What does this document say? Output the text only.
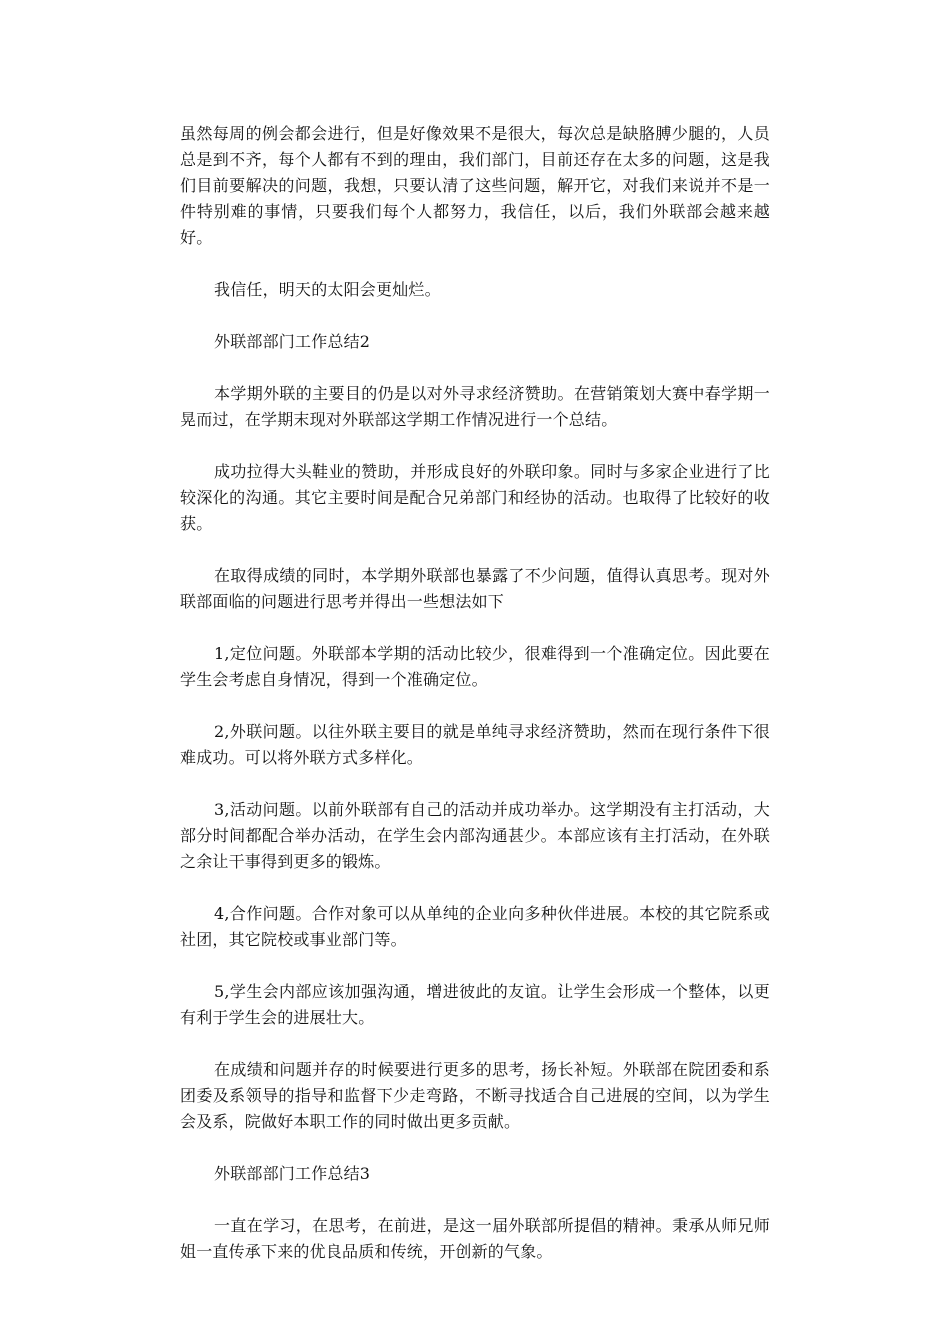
虽然每周的例会都会进行，但是好像效果不是很大，每次总是缺胳膊少腿的，人员总是到不齐，每个人都有不到的理由，我们部门，目前还存在太多的问题，这是我们目前要解决的问题，我想，只要认清了这些问题，解开它，对我们来说并不是一件特别难的事情，只要我们每个人都努力，我信任，以后，我们外联部会越来越好。

我信任，明天的太阳会更灿烂。

外联部部门工作总结2

本学期外联的主要目的仍是以对外寻求经济赞助。在营销策划大赛中春学期一晃而过，在学期末现对外联部这学期工作情况进行一个总结。

成功拉得大头鞋业的赞助，并形成良好的外联印象。同时与多家企业进行了比较深化的沟通。其它主要时间是配合兄弟部门和经协的活动。也取得了比较好的收获。

在取得成绩的同时，本学期外联部也暴露了不少问题，值得认真思考。现对外联部面临的问题进行思考并得出一些想法如下

1,定位问题。外联部本学期的活动比较少，很难得到一个准确定位。因此要在学生会考虑自身情况，得到一个准确定位。

2,外联问题。以往外联主要目的就是单纯寻求经济赞助，然而在现行条件下很难成功。可以将外联方式多样化。

3,活动问题。以前外联部有自己的活动并成功举办。这学期没有主打活动，大部分时间都配合举办活动，在学生会内部沟通甚少。本部应该有主打活动，在外联之余让干事得到更多的锻炼。

4,合作问题。合作对象可以从单纯的企业向多种伙伴进展。本校的其它院系或社团，其它院校或事业部门等。

5,学生会内部应该加强沟通，增进彼此的友谊。让学生会形成一个整体，以更有利于学生会的进展壮大。

在成绩和问题并存的时候要进行更多的思考，扬长补短。外联部在院团委和系团委及系领导的指导和监督下少走弯路，不断寻找适合自己进展的空间，以为学生会及系，院做好本职工作的同时做出更多贡献。

外联部部门工作总结3

一直在学习，在思考，在前进，是这一届外联部所提倡的精神。秉承从师兄师姐一直传承下来的优良品质和传统，开创新的气象。
